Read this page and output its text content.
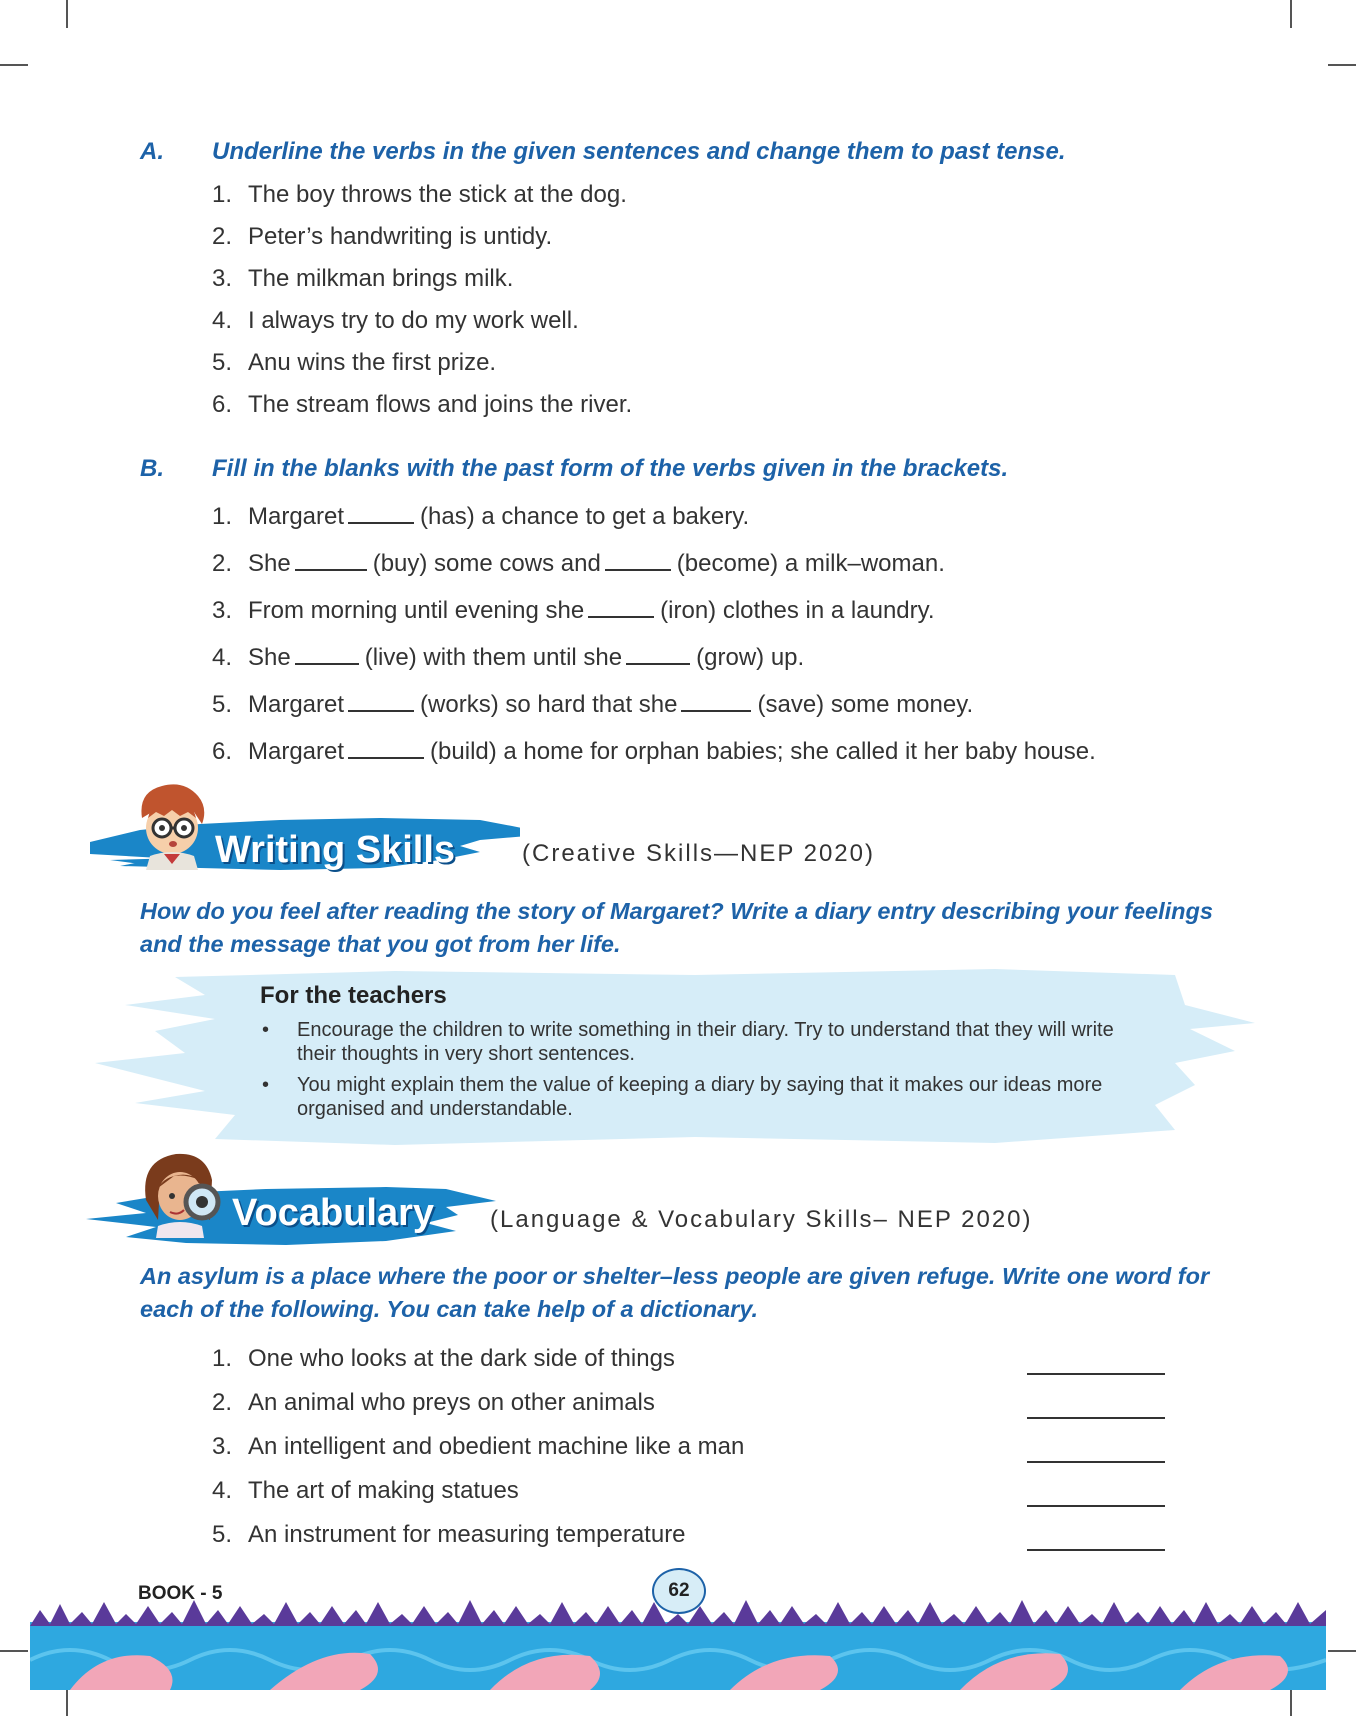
A. Underline the verbs in the given sentences and change them to past tense.
1. The boy throws the stick at the dog.
2. Peter’s handwriting is untidy.
3. The milkman brings milk.
4. I always try to do my work well.
5. Anu wins the first prize.
6. The stream flows and joins the river.
B. Fill in the blanks with the past form of the verbs given in the brackets.
1. Margaret	(has) a chance to get a bakery.
2. She	(buy) some cows and	(become) a milk–woman.
3. From morning until evening she	(iron) clothes in a laundry.
4. She	(live) with them until she	(grow) up.
5. Margaret	(works) so hard that she	(save) some money.
6. Margaret	(build) a home for orphan babies; she called it her baby house.
Writing Skills	(Creative Skills—NEP 2020)
How do you feel after reading the story of Margaret? Write a diary entry describing your feelings and the message that you got from her life.
For the teachers
• Encourage the children to write something in their diary. Try to understand that they will write their thoughts in very short sentences.
• You might explain them the value of keeping a diary by saying that it makes our ideas more organised and understandable.
Vocabulary (Language & Vocabulary Skills– NEP 2020)
An asylum is a place where the poor or shelter–less people are given refuge. Write one word for each of the following. You can take help of a dictionary.
1. One who looks at the dark side of things
2. An animal who preys on other animals
3. An intelligent and obedient machine like a man
4. The art of making statues
5. An instrument for measuring temperature
BOOK - 5	62
